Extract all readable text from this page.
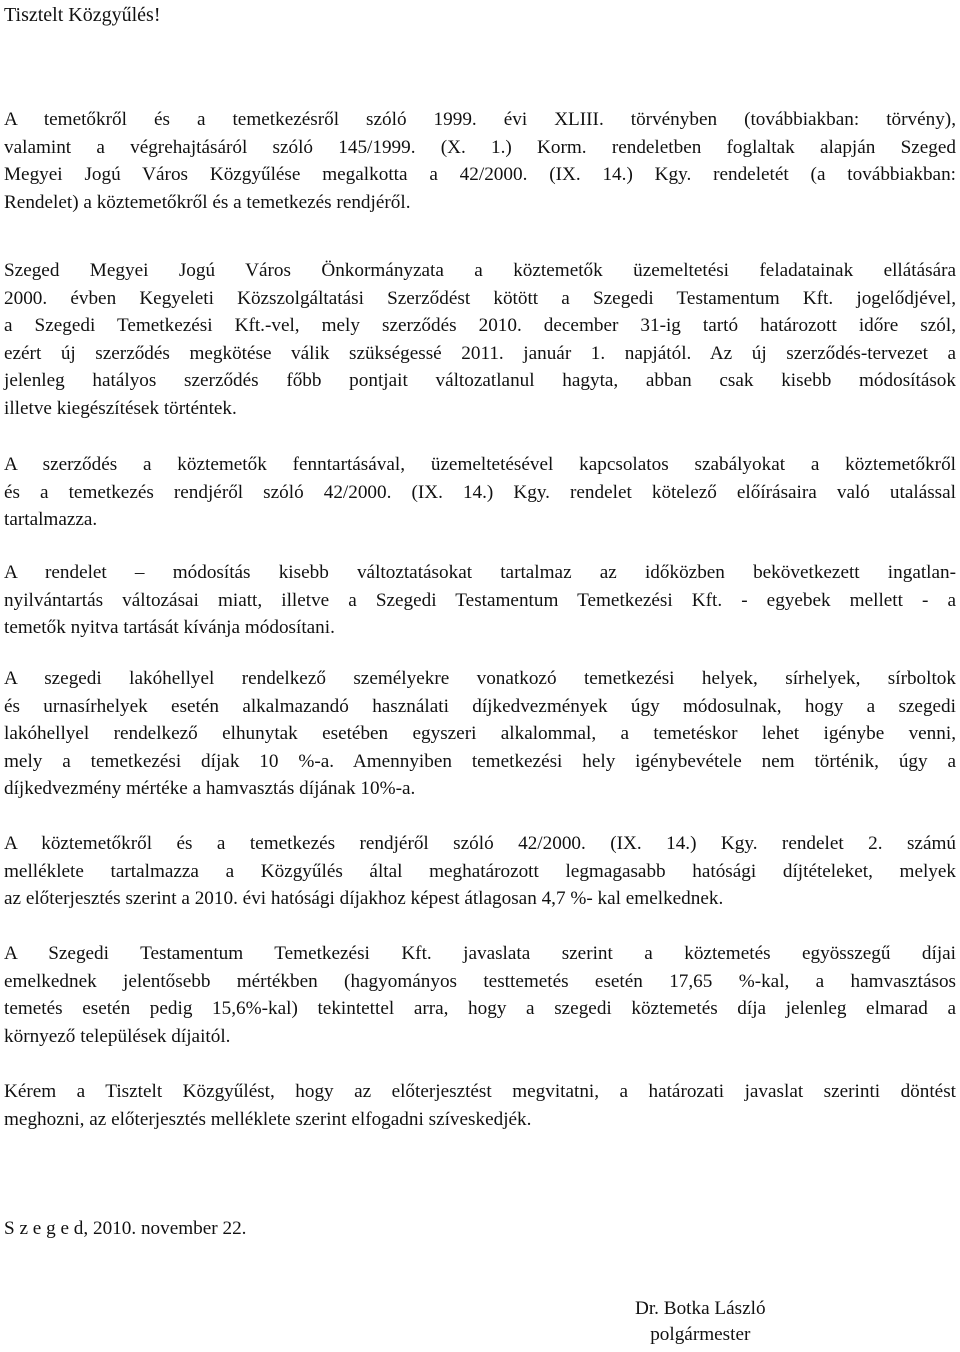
Tisztelt Közgyűlés!

A temetőkről és a temetkezésről szóló 1999. évi XLIII. törvényben (továbbiakban: törvény),
valamint a végrehajtásáról szóló 145/1999. (X. 1.) Korm. rendeletben foglaltak alapján Szeged
Megyei Jogú Város Közgyűlése megalkotta a 42/2000. (IX. 14.) Kgy. rendeletét (a továbbiakban:
Rendelet) a köztemetőkről és a temetkezés rendjéről.

Szeged Megyei Jogú Város Önkormányzata a köztemetők üzemeltetési feladatainak ellátására
2000. évben Kegyeleti Közszolgáltatási Szerződést kötött a Szegedi Testamentum Kft. jogelődjével,
a Szegedi Temetkezési Kft.-vel, mely szerződés 2010. december 31-ig tartó határozott időre szól,
ezért új szerződés megkötése válik szükségessé 2011. január 1. napjától. Az új szerződés-tervezet a
jelenleg hatályos szerződés főbb pontjait változatlanul hagyta, abban csak kisebb módosítások
illetve kiegészítések történtek.

A szerződés a köztemetők fenntartásával, üzemeltetésével kapcsolatos szabályokat a köztemetőkről
és a temetkezés rendjéről szóló 42/2000. (IX. 14.) Kgy. rendelet kötelező előírásaira való utalással
tartalmazza.

A rendelet – módosítás kisebb változtatásokat tartalmaz az időközben bekövetkezett ingatlan-
nyilvántartás változásai miatt, illetve a Szegedi Testamentum Temetkezési Kft. - egyebek mellett - a
temetők nyitva tartását kívánja módosítani.

A szegedi lakóhellyel rendelkező személyekre vonatkozó temetkezési helyek, sírhelyek, sírboltok
és urnasírhelyek esetén alkalmazandó használati díjkedvezmények úgy módosulnak, hogy a szegedi
lakóhellyel rendelkező elhunytak esetében egyszeri alkalommal, a temetéskor lehet igénybe venni,
mely a temetkezési díjak 10 %-a. Amennyiben temetkezési hely igénybevétele nem történik, úgy a
díjkedvezmény mértéke a hamvasztás díjának 10%-a.

A köztemetőkről és a temetkezés rendjéről szóló 42/2000. (IX. 14.) Kgy. rendelet 2. számú
melléklete tartalmazza a Közgyűlés által meghatározott legmagasabb hatósági díjtételeket, melyek
az előterjesztés szerint a 2010. évi hatósági díjakhoz képest átlagosan 4,7 %- kal emelkednek.

A Szegedi Testamentum Temetkezési Kft. javaslata szerint a köztemetés egyösszegű díjai
emelkednek jelentősebb mértékben (hagyományos testtemetés esetén 17,65 %-kal, a hamvasztásos
temetés esetén pedig 15,6%-kal) tekintettel arra, hogy a szegedi köztemetés díja jelenleg elmarad a
környező települések díjaitól.

Kérem a Tisztelt Közgyűlést, hogy az előterjesztést megvitatni, a határozati javaslat szerinti döntést
meghozni, az előterjesztés melléklete szerint elfogadni szíveskedjék.

S z e g e d, 2010. november 22.

Dr. Botka László
polgármester
